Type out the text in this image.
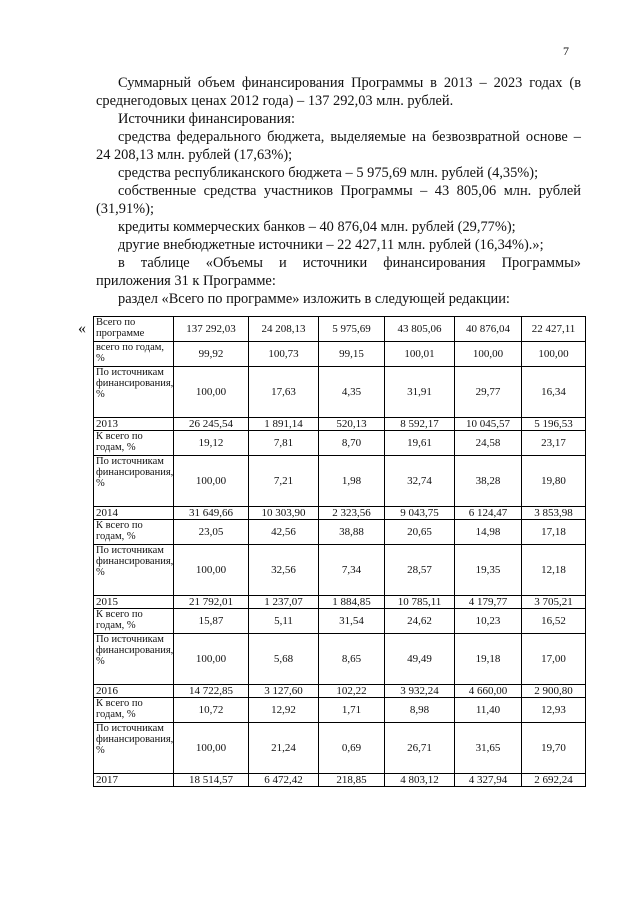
7
Суммарный объем финансирования Программы в 2013 – 2023 годах (в среднегодовых ценах 2012 года) – 137 292,03 млн. рублей.
Источники финансирования:
средства федерального бюджета, выделяемые на безвозвратной основе – 24 208,13 млн. рублей (17,63%);
средства республиканского бюджета – 5 975,69 млн. рублей (4,35%);
собственные средства участников Программы – 43 805,06 млн. рублей (31,91%);
кредиты коммерческих банков – 40 876,04 млн. рублей (29,77%);
другие внебюджетные источники – 22 427,11 млн. рублей (16,34%).»;
в таблице «Объемы и источники финансирования Программы» приложения 31 к Программе:
раздел «Всего по программе» изложить в следующей редакции:
« Всего по программе	137 292,03	24 208,13	5 975,69	43 805,06	40 876,04	22 427,11
всего по годам, %	99,92	100,73	99,15	100,01	100,00	100,00
По источникам финансирования, %	100,00	17,63	4,35	31,91	29,77	16,34
2013	26 245,54	1 891,14	520,13	8 592,17	10 045,57	5 196,53
К всего по годам, %	19,12	7,81	8,70	19,61	24,58	23,17
По источникам финансирования, %	100,00	7,21	1,98	32,74	38,28	19,80
2014	31 649,66	10 303,90	2 323,56	9 043,75	6 124,47	3 853,98
К всего по годам, %	23,05	42,56	38,88	20,65	14,98	17,18
По источникам финансирования, %	100,00	32,56	7,34	28,57	19,35	12,18
2015	21 792,01	1 237,07	1 884,85	10 785,11	4 179,77	3 705,21
К всего по годам, %	15,87	5,11	31,54	24,62	10,23	16,52
По источникам финансирования, %	100,00	5,68	8,65	49,49	19,18	17,00
2016	14 722,85	3 127,60	102,22	3 932,24	4 660,00	2 900,80
К всего по годам, %	10,72	12,92	1,71	8,98	11,40	12,93
По источникам финансирования, %	100,00	21,24	0,69	26,71	31,65	19,70
2017	18 514,57	6 472,42	218,85	4 803,12	4 327,94	2 692,24
